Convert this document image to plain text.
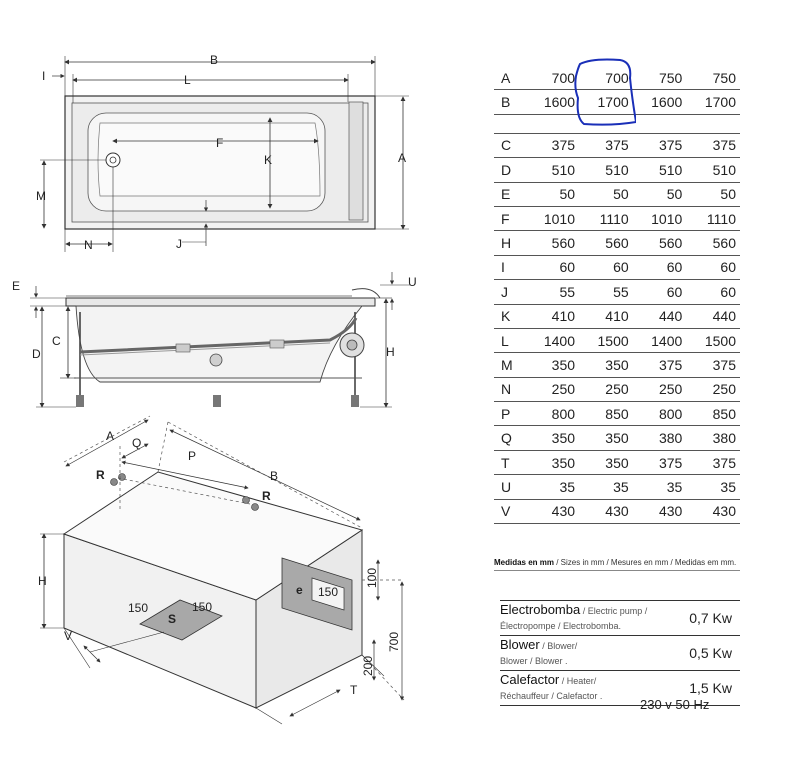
B
L
I
F
K	A
M
N	J
E	U
C
D	H
S
150	150
e 150
R
R
A Q
P
B
H
V
100
700
200
T
A	700	700	750	750
B	1600	1700	1600	1700

C	375	375	375	375
D	510	510	510	510
E	50	50	50	50
F	1010	1110	1010	1110
H	560	560	560	560
I	60	60	60	60
J	55	55	60	60
K	410	410	440	440
L	1400	1500	1400	1500
M	350	350	375	375
N	250	250	250	250
P	800	850	800	850
Q	350	350	380	380
T	350	350	375	375
U	35	35	35	35
V	430	430	430	430
Medidas en mm / Sizes in mm / Mesures en mm / Medidas em mm.
Electrobomba / Electric pump /
Électropompe / Electrobomba.	0,7 Kw
Blower / Blower/
Blower / Blower .	0,5 Kw
Calefactor / Heater/
Réchauffeur / Calefactor .	1,5 Kw
230 v 50 Hz
